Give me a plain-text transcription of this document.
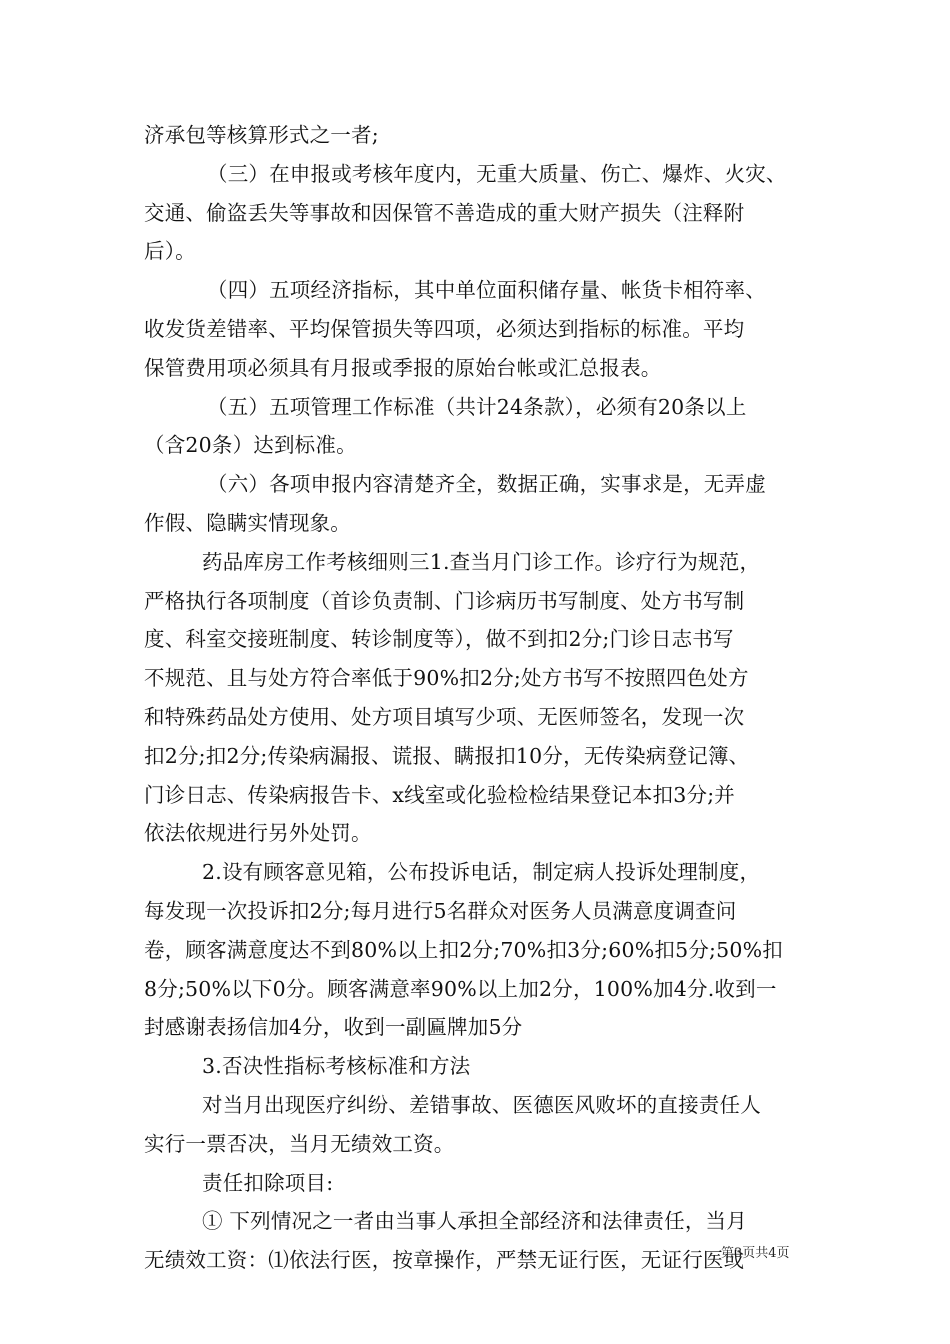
济承包等核算形式之一者;
（三）在申报或考核年度内，无重大质量、伤亡、爆炸、火灾、
交通、偷盗丢失等事故和因保管不善造成的重大财产损失（注释附
后）。
（四）五项经济指标，其中单位面积储存量、帐货卡相符率、
收发货差错率、平均保管损失等四项，必须达到指标的标准。平均
保管费用项必须具有月报或季报的原始台帐或汇总报表。
（五）五项管理工作标准（共计24条款），必须有20条以上
（含20条）达到标准。
（六）各项申报内容清楚齐全，数据正确，实事求是，无弄虚
作假、隐瞒实情现象。
药品库房工作考核细则三1.查当月门诊工作。诊疗行为规范，
严格执行各项制度（首诊负责制、门诊病历书写制度、处方书写制
度、科室交接班制度、转诊制度等），做不到扣2分;门诊日志书写
不规范、且与处方符合率低于90%扣2分;处方书写不按照四色处方
和特殊药品处方使用、处方项目填写少项、无医师签名，发现一次
扣2分;扣2分;传染病漏报、谎报、瞒报扣10分，无传染病登记簿、
门诊日志、传染病报告卡、x线室或化验检检结果登记本扣3分;并
依法依规进行另外处罚。
2.设有顾客意见箱，公布投诉电话，制定病人投诉处理制度，
每发现一次投诉扣2分;每月进行5名群众对医务人员满意度调查问
卷，顾客满意度达不到80%以上扣2分;70%扣3分;60%扣5分;50%扣
8分;50%以下0分。顾客满意率90%以上加2分，100%加4分.收到一
封感谢表扬信加4分，收到一副匾牌加5分
3.否决性指标考核标准和方法
对当月出现医疗纠纷、差错事故、医德医风败坏的直接责任人
实行一票否决，当月无绩效工资。
责任扣除项目:
① 下列情况之一者由当事人承担全部经济和法律责任，当月
无绩效工资：⑴依法行医，按章操作，严禁无证行医，无证行医或
第3页共4页
